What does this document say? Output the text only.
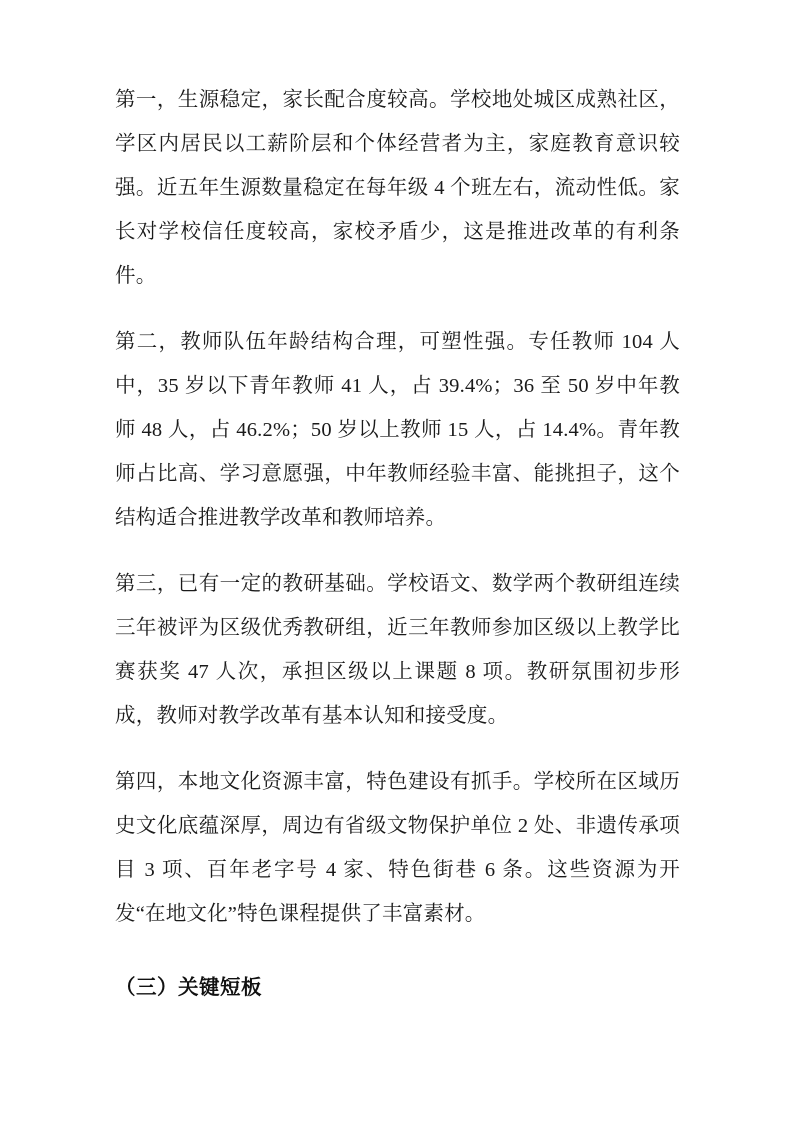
第一，生源稳定，家长配合度较高。学校地处城区成熟社区，学区内居民以工薪阶层和个体经营者为主，家庭教育意识较强。近五年生源数量稳定在每年级 4 个班左右，流动性低。家长对学校信任度较高，家校矛盾少，这是推进改革的有利条件。

第二，教师队伍年龄结构合理，可塑性强。专任教师 104 人中，35 岁以下青年教师 41 人，占 39.4%；36 至 50 岁中年教师 48 人，占 46.2%；50 岁以上教师 15 人，占 14.4%。青年教师占比高、学习意愿强，中年教师经验丰富、能挑担子，这个结构适合推进教学改革和教师培养。

第三，已有一定的教研基础。学校语文、数学两个教研组连续三年被评为区级优秀教研组，近三年教师参加区级以上教学比赛获奖 47 人次，承担区级以上课题 8 项。教研氛围初步形成，教师对教学改革有基本认知和接受度。

第四，本地文化资源丰富，特色建设有抓手。学校所在区域历史文化底蕴深厚，周边有省级文物保护单位 2 处、非遗传承项目 3 项、百年老字号 4 家、特色街巷 6 条。这些资源为开发“在地文化”特色课程提供了丰富素材。

（三）关键短板
